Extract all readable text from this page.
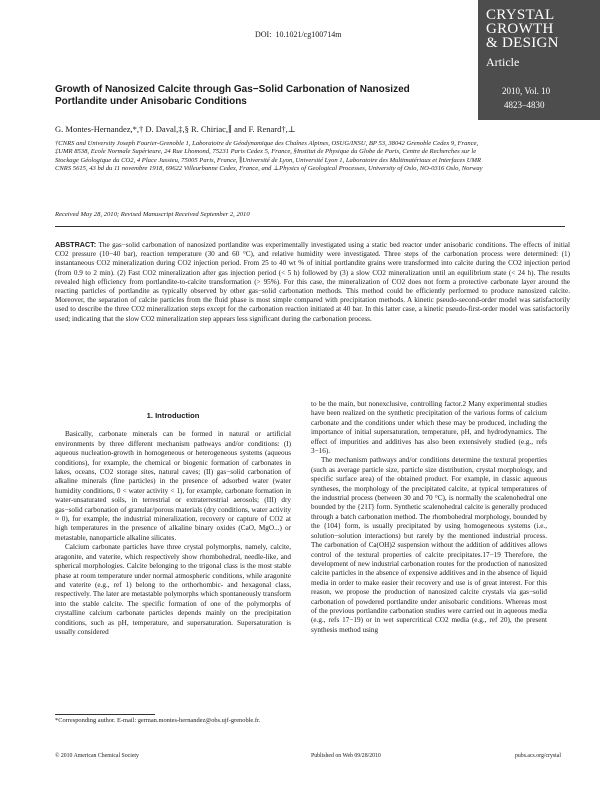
DOI: 10.1021/cg100714m
CRYSTAL
GROWTH
& DESIGN
Article
2010, Vol. 10
4823–4830
Growth of Nanosized Calcite through Gas−Solid Carbonation of Nanosized Portlandite under Anisobaric Conditions
G. Montes-Hernandez,*,† D. Daval,‡,§ R. Chiriac,∥ and F. Renard†,⊥
†CNRS and University Joseph Fourier-Grenoble 1, Laboratoire de Géodynamique des Chaînes Alpines, OSUG/INSU, BP 53, 38042 Grenoble Cedex 9, France, ‡UMR 8538, Ecole Normale Supérieure, 24 Rue Lhomond, 75231 Paris Cedex 5, France, §Institut de Physique du Globe de Paris, Centre de Recherches sur le Stockage Géologique du CO2, 4 Place Jussieu, 75005 Paris, France, ∥Université de Lyon, Université Lyon 1, Laboratoire des Multimatériaux et Interfaces UMR CNRS 5615, 43 bd du 11 novembre 1918, 69622 Villeurbanne Cedex, France, and ⊥Physics of Geological Processes, University of Oslo, NO-0316 Oslo, Norway
Received May 28, 2010; Revised Manuscript Received September 2, 2010
ABSTRACT: The gas−solid carbonation of nanosized portlandite was experimentally investigated using a static bed reactor under anisobaric conditions. The effects of initial CO2 pressure (10−40 bar), reaction temperature (30 and 60 °C), and relative humidity were investigated. Three steps of the carbonation process were determined: (1) instantaneous CO2 mineralization during CO2 injection period. From 25 to 40 wt % of initial portlandite grains were transformed into calcite during the CO2 injection period (from 0.9 to 2 min). (2) Fast CO2 mineralization after gas injection period (< 5 h) followed by (3) a slow CO2 mineralization until an equilibrium state (< 24 h). The results revealed high efficiency from portlandite-to-calcite transformation (> 95%). For this case, the mineralization of CO2 does not form a protective carbonate layer around the reacting particles of portlandite as typically observed by other gas−solid carbonation methods. This method could be efficiently performed to produce nanosized calcite. Moreover, the separation of calcite particles from the fluid phase is most simple compared with precipitation methods. A kinetic pseudo-second-order model was satisfactorily used to describe the three CO2 mineralization steps except for the carbonation reaction initiated at 40 bar. In this latter case, a kinetic pseudo-first-order model was satisfactorily used; indicating that the slow CO2 mineralization step appears less significant during the carbonation process.
1. Introduction

Basically, carbonate minerals can be formed in natural or artificial environments by three different mechanism pathways and/or conditions: (I) aqueous nucleation-growth in homogeneous or heterogeneous systems (aqueous conditions), for example, the chemical or biogenic formation of carbonates in lakes, oceans, CO2 storage sites, natural caves; (II) gas−solid carbonation of alkaline minerals (fine particles) in the presence of adsorbed water (water humidity conditions, 0 < water activity < 1), for example, carbonate formation in water-unsaturated soils, in terrestrial or extraterrestrial aerosols; (III) dry gas−solid carbonation of granular/porous materials (dry conditions, water activity ≈ 0), for example, the industrial mineralization, recovery or capture of CO2 at high temperatures in the presence of alkaline binary oxides (CaO, MgO...) or metastable, nanoparticle alkaline silicates.

Calcium carbonate particles have three crystal polymorphs, namely, calcite, aragonite, and vaterite, which respectively show rhombohedral, needle-like, and spherical morphologies. Calcite belonging to the trigonal class is the most stable phase at room temperature under normal atmospheric conditions, while aragonite and vaterite (e.g., ref 1) belong to the orthorhombic- and hexagonal class, respectively. The later are metastable polymorphs which spontaneously transform into the stable calcite. The specific formation of one of the polymorphs of crystalline calcium carbonate particles depends mainly on the precipitation conditions, such as pH, temperature, and supersaturation. Supersaturation is usually considered

to be the main, but nonexclusive, controlling factor.2 Many experimental studies have been realized on the synthetic precipitation of the various forms of calcium carbonate and the conditions under which these may be produced, including the importance of initial supersaturation, temperature, pH, and hydrodynamics. The effect of impurities and additives has also been extensively studied (e.g., refs 3−16).

The mechanism pathways and/or conditions determine the textural properties (such as average particle size, particle size distribution, crystal morphology, and specific surface area) of the obtained product. For example, in classic aqueous syntheses, the morphology of the precipitated calcite, at typical temperatures of the industrial process (between 30 and 70 °C), is normally the scalenohedral one bounded by the {211̄} form. Synthetic scalenohedral calcite is generally produced through a batch carbonation method. The rhombohedral morphology, bounded by the {104} form, is usually precipitated by using homogeneous systems (i.e., solution−solution interactions) but rarely by the mentioned industrial process. The carbonation of Ca(OH)2 suspension without the addition of additives allows control of the textural properties of calcite precipitates.17−19 Therefore, the development of new industrial carbonation routes for the production of nanosized calcite particles in the absence of expensive additives and in the absence of liquid media in order to make easier their recovery and use is of great interest. For this reason, we propose the production of nanosized calcite crystals via gas−solid carbonation of powdered portlandite under anisobaric conditions. Whereas most of the previous portlandite carbonation studies were carried out in aqueous media (e.g., refs 17−19) or in wet supercritical CO2 media (e.g., ref 20), the present synthesis method using

*Corresponding author. E-mail: german.montes-hernandez@obs.ujf-grenoble.fr.
© 2010 American Chemical Society	Published on Web 09/28/2010	pubs.acs.org/crystal
